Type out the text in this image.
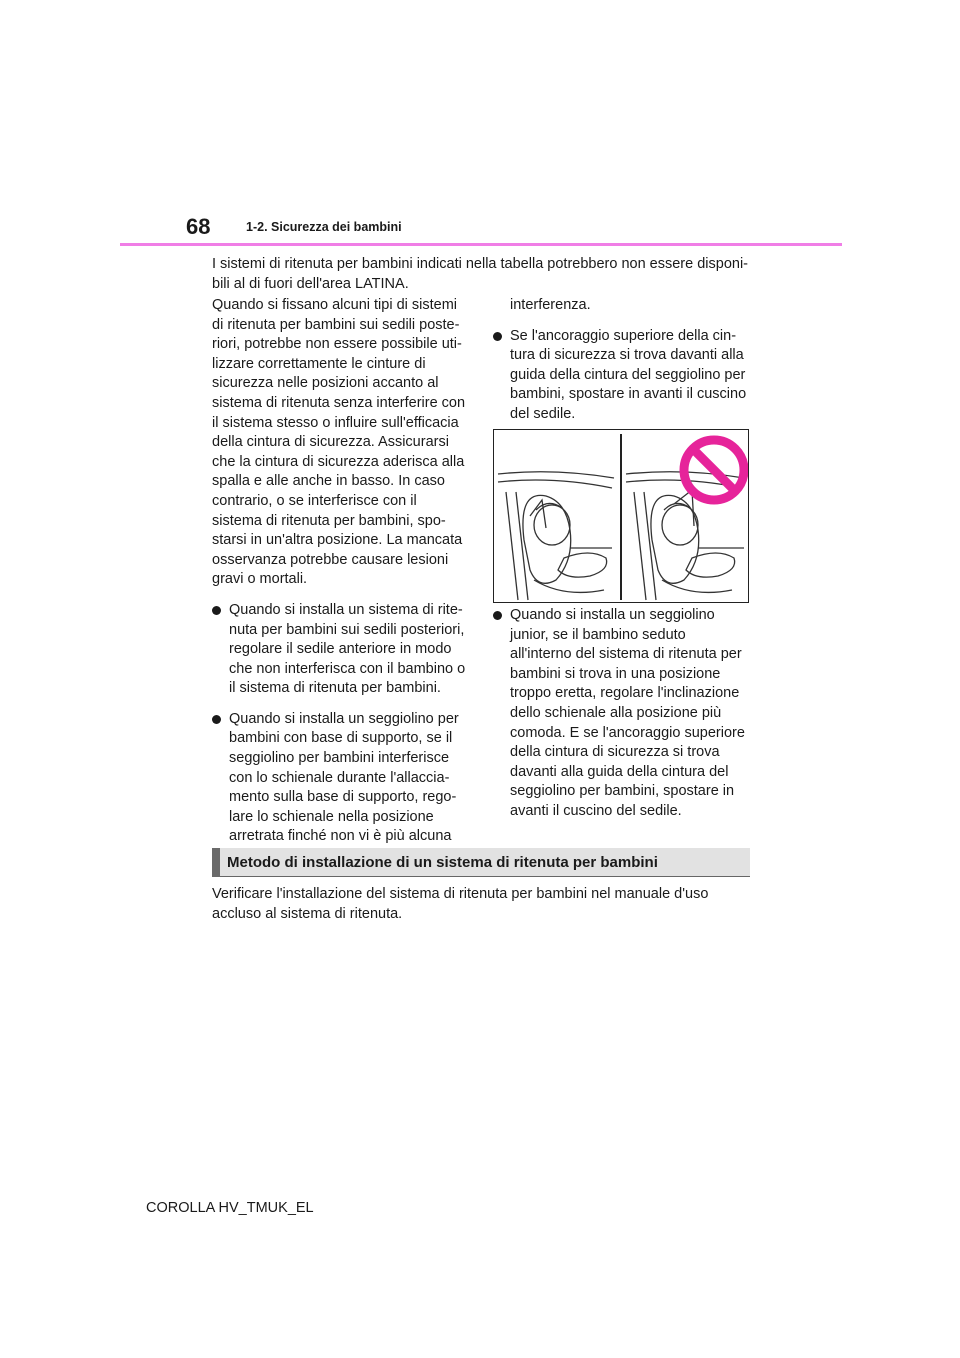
68	1-2. Sicurezza dei bambini

I sistemi di ritenuta per bambini indicati nella tabella potrebbero non essere disponi-bili al di fuori dell'area LATINA.

Quando si fissano alcuni tipi di sistemi di ritenuta per bambini sui sedili poste-riori, potrebbe non essere possibile uti-lizzare correttamente le cinture di sicurezza nelle posizioni accanto al sistema di ritenuta senza interferire con il sistema stesso o influire sull'efficacia della cintura di sicurezza. Assicurarsi che la cintura di sicurezza aderisca alla spalla e alle anche in basso. In caso contrario, o se interferisce con il sistema di ritenuta per bambini, spo-starsi in un'altra posizione. La mancata osservanza potrebbe causare lesioni gravi o mortali.

Quando si installa un sistema di rite-nuta per bambini sui sedili posteriori, regolare il sedile anteriore in modo che non interferisca con il bambino o il sistema di ritenuta per bambini.
Quando si installa un seggiolino per bambini con base di supporto, se il seggiolino per bambini interferisce con lo schienale durante l'allaccia-mento sulla base di supporto, rego-lare lo schienale nella posizione arretrata finché non vi è più alcuna

interferenza.

Se l'ancoraggio superiore della cin-tura di sicurezza si trova davanti alla guida della cintura del seggiolino per bambini, spostare in avanti il cuscino del sedile.
Quando si installa un seggiolino junior, se il bambino seduto all'interno del sistema di ritenuta per bambini si trova in una posizione troppo eretta, regolare l'inclinazione dello schienale alla posizione più comoda. E se l'ancoraggio superiore della cintura di sicurezza si trova davanti alla guida della cintura del seggiolino per bambini, spostare in avanti il cuscino del sedile.
Metodo di installazione di un sistema di ritenuta per bambini

Verificare l'installazione del sistema di ritenuta per bambini nel manuale d'uso accluso al sistema di ritenuta.

COROLLA HV_TMUK_EL
